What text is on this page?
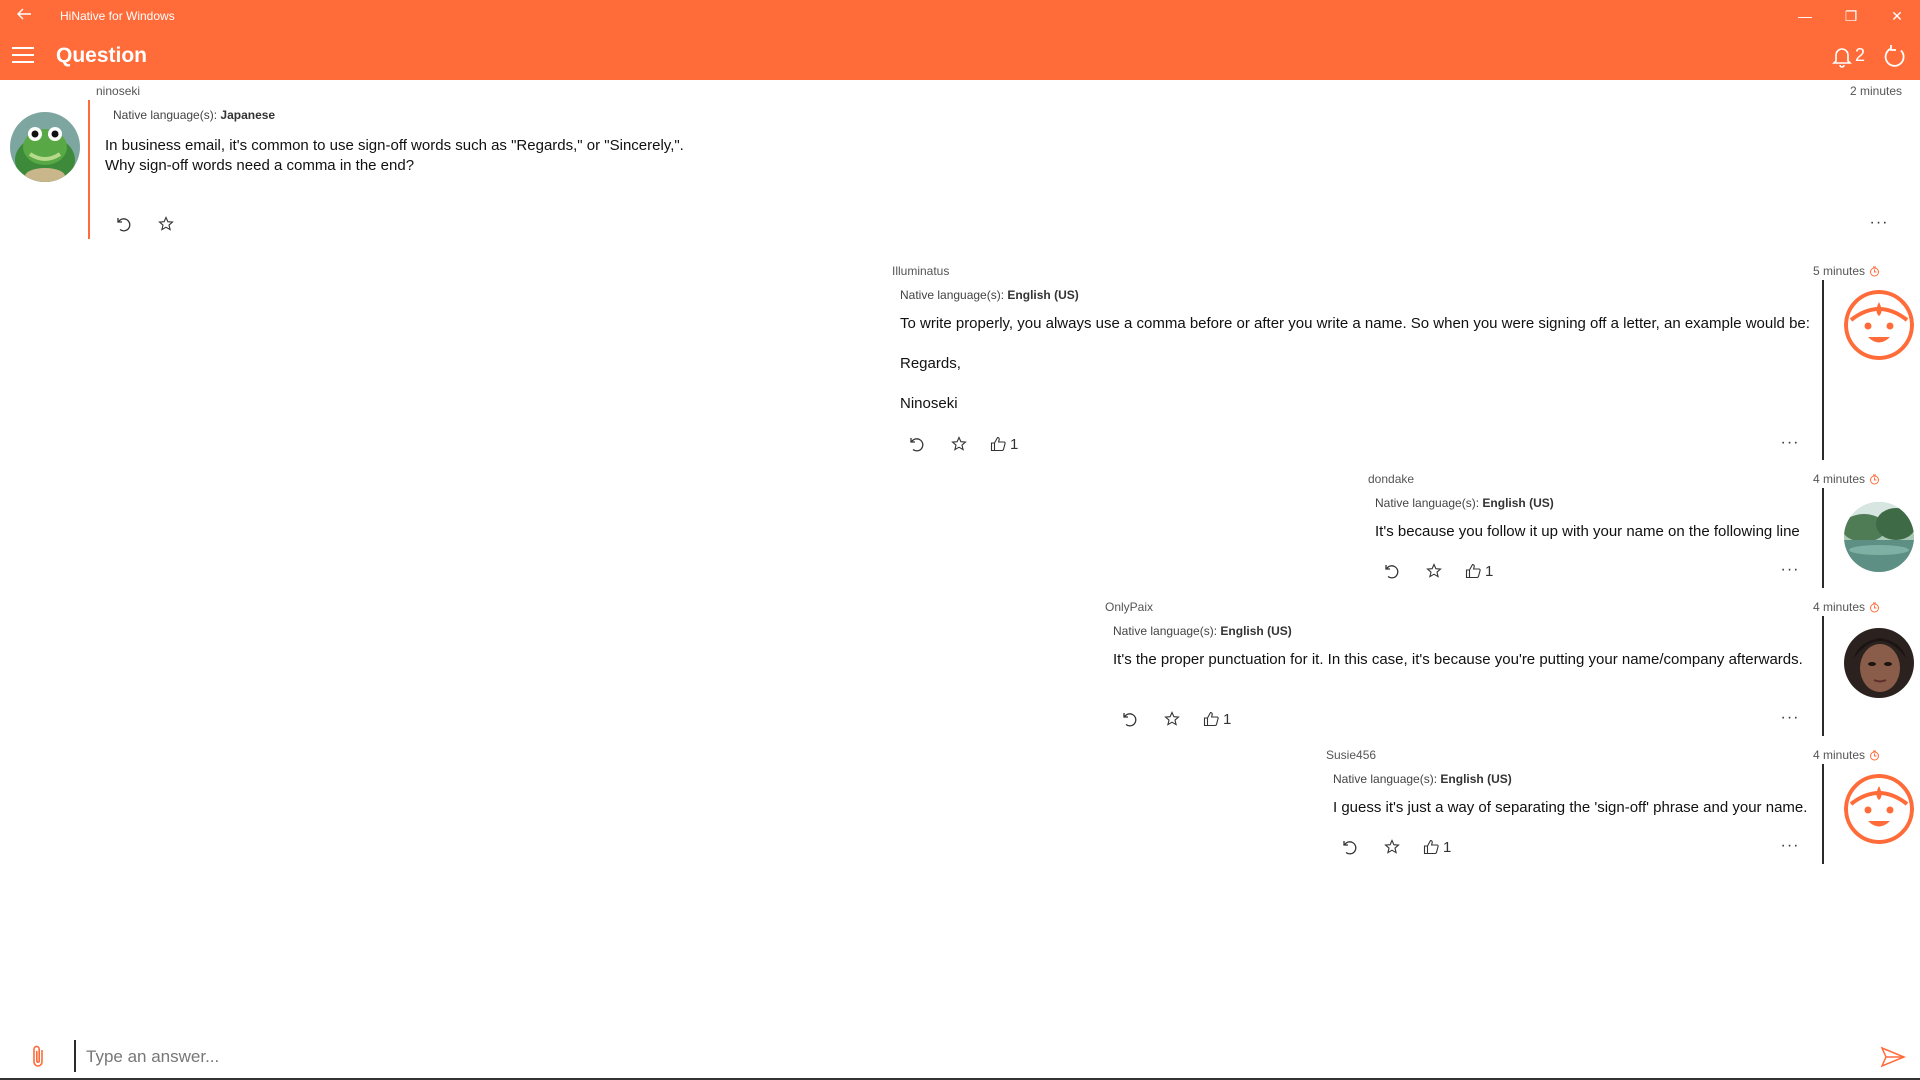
HiNative for Windows	—	❐	✕
Question	2
ninoseki	2 minutes
Native language(s): Japanese
In business email, it's common to use sign-off words such as "Regards," or "Sincerely,".
Why sign-off words need a comma in the end?
···
Illuminatus	5 minutes
Native language(s): English (US)
To write properly, you always use a comma before or after you write a name. So when you were signing off a letter, an example would be:
Regards,
Ninoseki
1	···
dondake	4 minutes
Native language(s): English (US)
It's because you follow it up with your name on the following line
1	···
OnlyPaix	4 minutes
Native language(s): English (US)
It's the proper punctuation for it. In this case, it's because you're putting your name/company afterwards.
1	···
Susie456	4 minutes
Native language(s): English (US)
I guess it's just a way of separating the 'sign-off' phrase and your name.
1	···
Type an answer...
